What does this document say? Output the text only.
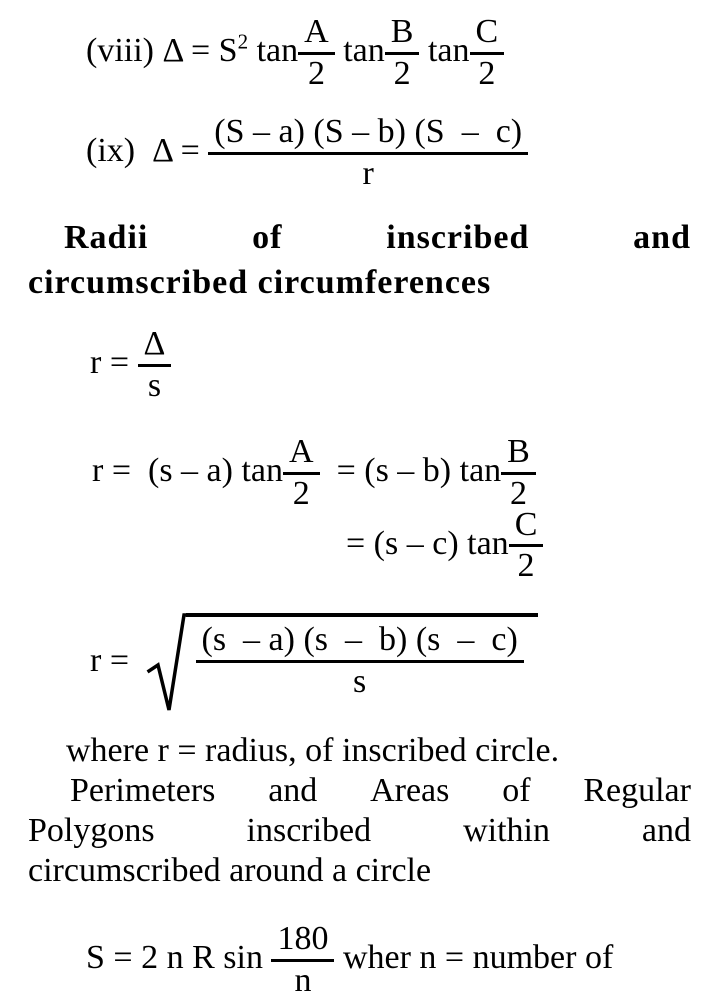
(viii) $\Delta = S^2$ $\tan \frac{A}{2}$ $\tan \frac{B}{2}$ $\tan \frac{C}{2}$
(ix)  $\Delta = \frac{(S - a) (S - b) (S - c)}{r}$
Radii	of	inscribed	and
circumscribed circumferences
$r = \frac{\Delta}{s}$
r =  (s – a) $\tan \frac{A}{2} = (s - b)$ $\tan \frac{B}{2}$
= (s – c) $\tan \frac{C}{2}$
$r = \frac{(s - a) (s - b) (s - c)}{s}$
where r = radius, of inscribed circle.
Perimeters and Areas of Regular
Polygons	inscribed	within	and
circumscribed around a circle
S = 2 n R $\sin \frac{180}{n}$ wher n = number of
